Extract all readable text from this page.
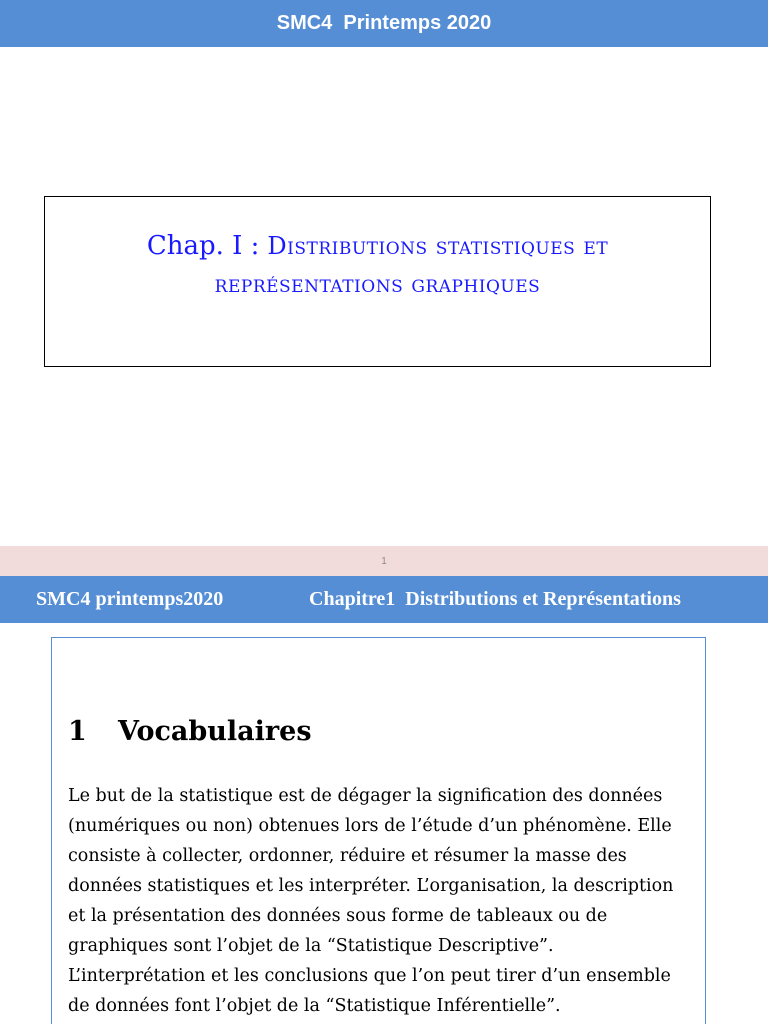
SMC4  Printemps 2020
Chap. I : Distributions statistiques et
représentations graphiques
1
SMC4 printemps2020	Chapitre1  Distributions et Représentations
1 Vocabulaires
Le but de la statistique est de dégager la signification des données
(numériques ou non) obtenues lors de l’étude d’un phénomène. Elle
consiste à collecter, ordonner, réduire et résumer la masse des
données statistiques et les interpréter. L’organisation, la description
et la présentation des données sous forme de tableaux ou de
graphiques sont l’objet de la “Statistique Descriptive”.
L’interprétation et les conclusions que l’on peut tirer d’un ensemble
de données font l’objet de la “Statistique Inférentielle”.
